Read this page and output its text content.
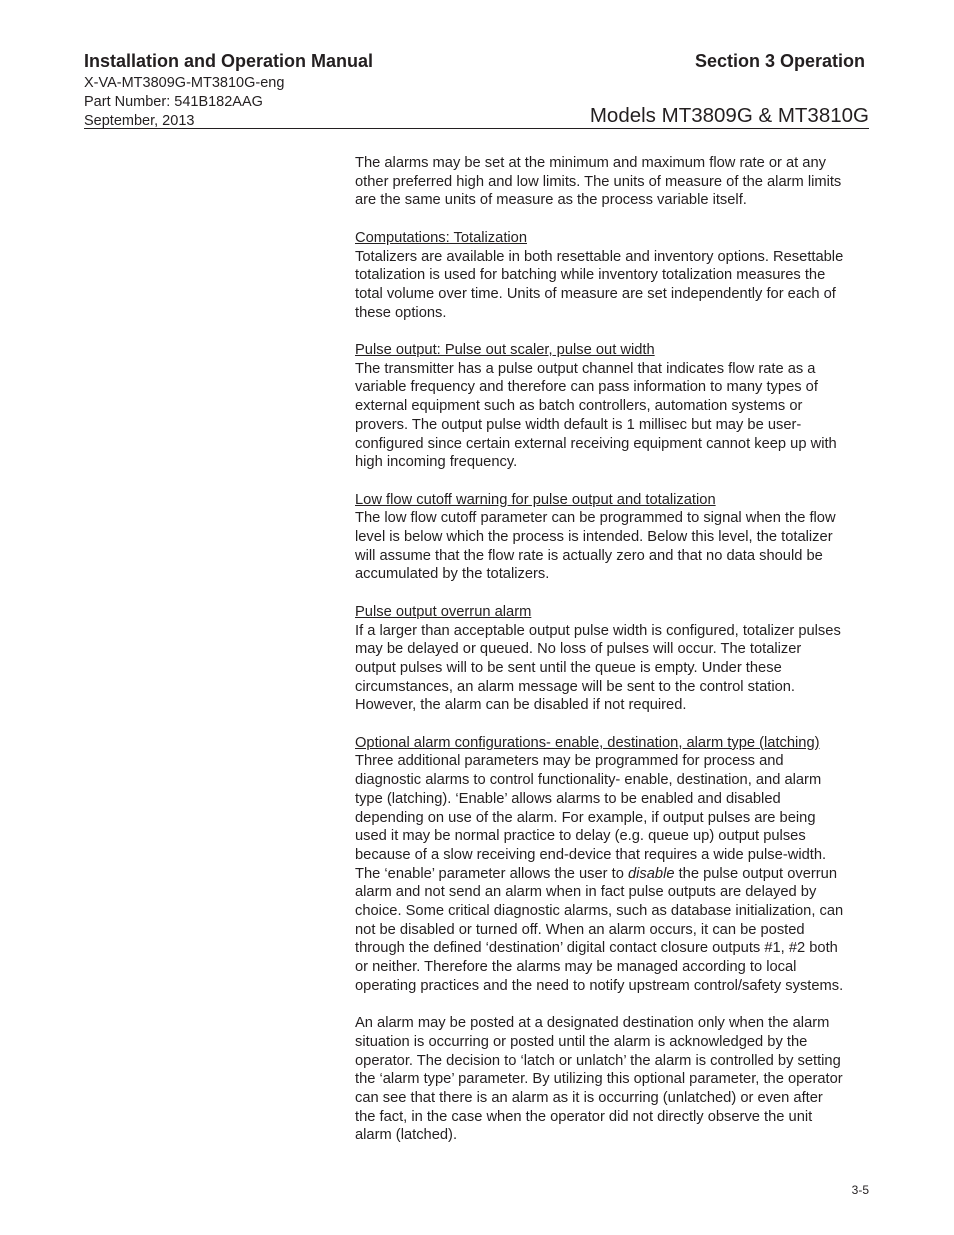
Installation and Operation Manual	Section 3 Operation
X-VA-MT3809G-MT3810G-eng
Part Number: 541B182AAG
September, 2013	Models MT3809G & MT3810G
The alarms may be set at the minimum and maximum flow rate or at any
other preferred high and low limits. The units of measure of the alarm limits
are the same units of measure as the process variable itself.
Computations: Totalization
Totalizers are available in both resettable and inventory options. Resettable
totalization is used for batching while inventory totalization measures the
total volume over time. Units of measure are set independently for each of
these options.
Pulse output: Pulse out scaler, pulse out width
The transmitter has a pulse output channel that indicates flow rate as a
variable frequency and therefore can pass information to many types of
external equipment such as batch controllers, automation systems or
provers. The output pulse width default is 1 millisec but may be user-
configured since certain external receiving equipment cannot keep up with
high incoming frequency.
Low flow cutoff warning for pulse output and totalization
The low flow cutoff parameter can be programmed to signal when the flow
level is below which the process is intended. Below this level, the totalizer
will assume that the flow rate is actually zero and that no data should be
accumulated by the totalizers.
Pulse output overrun alarm
If a larger than acceptable output pulse width is configured, totalizer pulses
may be delayed or queued. No loss of pulses will occur. The totalizer
output pulses will to be sent until the queue is empty. Under these
circumstances, an alarm message will be sent to the control station.
However, the alarm can be disabled if not required.
Optional alarm configurations- enable, destination, alarm type (latching)
Three additional parameters may be programmed for process and
diagnostic alarms to control functionality- enable, destination, and alarm
type (latching). ‘Enable’ allows alarms to be enabled and disabled
depending on use of the alarm. For example, if output pulses are being
used it may be normal practice to delay (e.g. queue up) output pulses
because of a slow receiving end-device that requires a wide pulse-width.
The ‘enable’ parameter allows the user to disable the pulse output overrun
alarm and not send an alarm when in fact pulse outputs are delayed by
choice. Some critical diagnostic alarms, such as database initialization, can
not be disabled or turned off. When an alarm occurs, it can be posted
through the defined ‘destination’ digital contact closure outputs #1, #2 both
or neither. Therefore the alarms may be managed according to local
operating practices and the need to notify upstream control/safety systems.
An alarm may be posted at a designated destination only when the alarm
situation is occurring or posted until the alarm is acknowledged by the
operator. The decision to ‘latch or unlatch’ the alarm is controlled by setting
the ‘alarm type’ parameter. By utilizing this optional parameter, the operator
can see that there is an alarm as it is occurring (unlatched) or even after
the fact, in the case when the operator did not directly observe the unit
alarm (latched).
3-5
